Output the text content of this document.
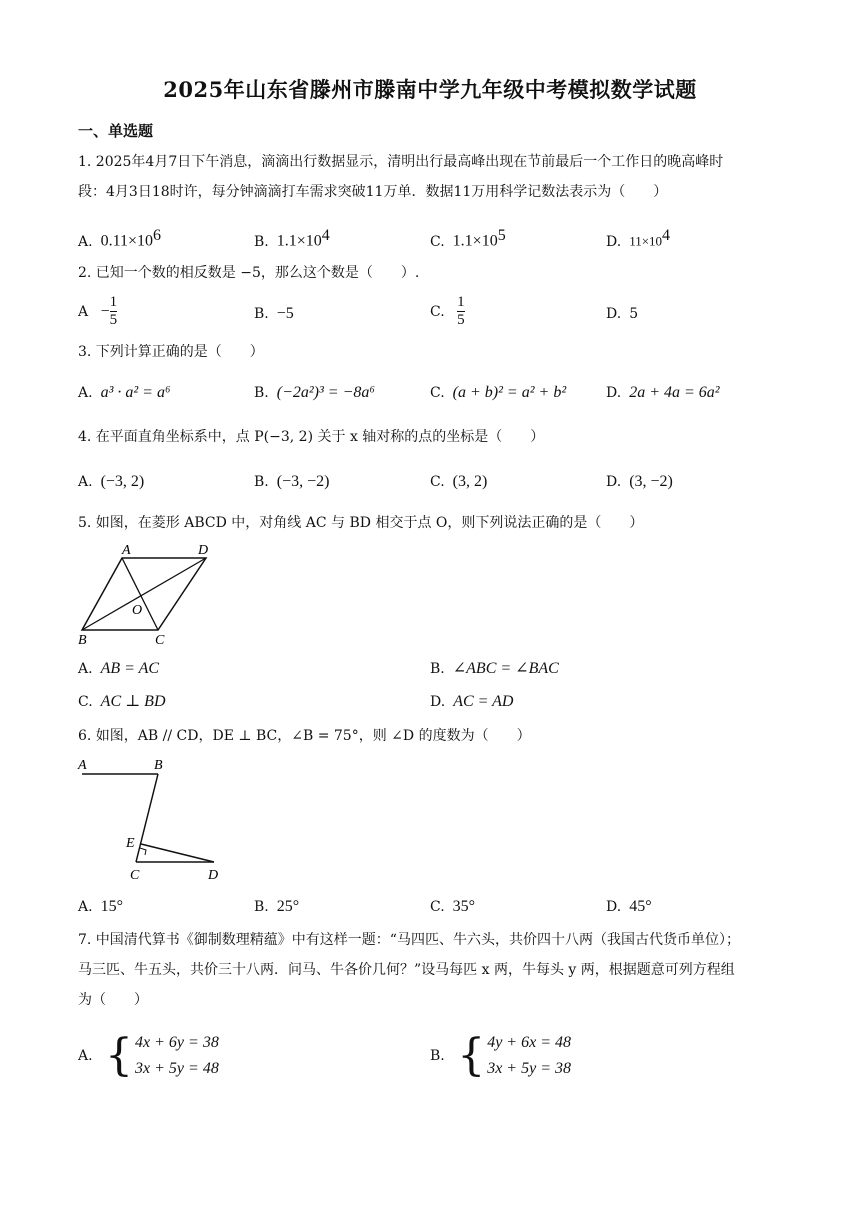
2025年山东省滕州市滕南中学九年级中考模拟数学试题
一、单选题
1. 2025年4月7日下午消息，滴滴出行数据显示，清明出行最高峰出现在节前最后一个工作日的晚高峰时
段：4月3日18时许，每分钟滴滴打车需求突破11万单．数据11万用科学记数法表示为（　　）
A. $0.11\times 10^6$	B. $1.1\times 10^4$	C. $1.1\times 10^5$	D. $11\times 10^4$
2. 已知一个数的相反数是 −5，那么这个数是（　　）.
$A - \frac{1}{5}$	B. −5	C. $\frac{1}{5}$	D. 5
3. 下列计算正确的是（　　）
A. a³ · a² = a⁶	B. (−2a²)³ = −8a⁶	C. (a + b)² = a² + b²	D. 2a + 4a = 6a²
4. 在平面直角坐标系中，点 P(−3, 2) 关于 x 轴对称的点的坐标是（　　）
A. (−3, 2)	B. (−3, −2)	C. (3, 2)	D. (3, −2)
5. 如图，在菱形 ABCD 中，对角线 AC 与 BD 相交于点 O，则下列说法正确的是（　　）
A	D
O
B	C
A. AB = AC	B. ∠ABC = ∠BAC
C. AC ⊥ BD	D. AC = AD
6. 如图，AB // CD，DE ⊥ BC，∠B = 75°，则 ∠D 的度数为（　　）
A	B
E
C	D
A. 15°	B. 25°	C. 35°	D. 45°
7. 中国清代算书《御制数理精蕴》中有这样一题：“马四匹、牛六头，共价四十八两（我国古代货币单位）；
马三匹、牛五头，共价三十八两．问马、牛各价几何？”设马每匹 x 两，牛每头 y 两，根据题意可列方程组
为（　　）
A. { 4x + 6y = 38
3x + 5y = 48
B. { 4y + 6x = 48
3x + 5y = 38
